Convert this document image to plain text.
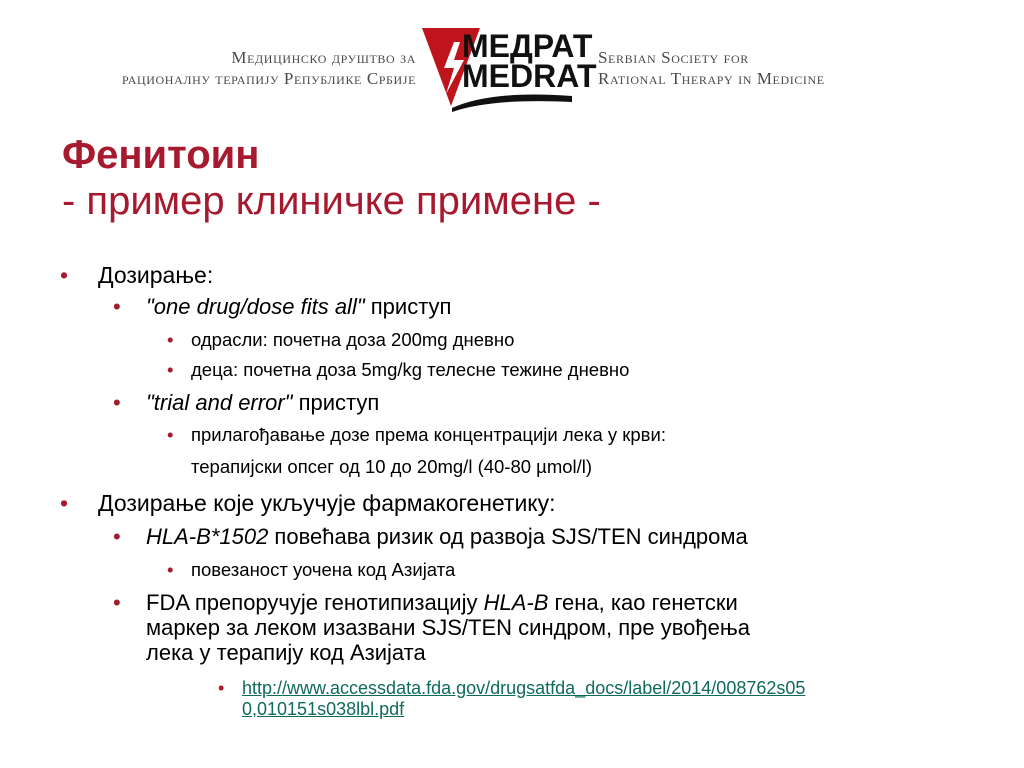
Медицинско друштво за
рационалну терапију Републике Србије
МЕДРАТ
MEDRAT
Serbian Society for
Rational Therapy in Medicine
Фенитоин
- пример клиничке примене -
• Дозирање:
• "one drug/dose fits all" приступ
• одрасли: почетна доза 200mg дневно
• деца: почетна доза 5mg/kg телесне тежине дневно
• "trial and error" приступ
• прилагођавање дозе према концентрацији лека у крви:
терапијски опсег од 10 до 20mg/l (40-80 µmol/l)
• Дозирање које укључује фармакогенетику:
• HLA-B*1502 повећава ризик од развоја SJS/TEN синдрома
• повезаност уочена код Азијата
• FDA препоручује генотипизацију HLA-B гена, као генетски
маркер за леком изазвани SJS/TEN синдром, пре увођења
лека у терапију код Азијата
• http://www.accessdata.fda.gov/drugsatfda_docs/label/2014/008762s05
0,010151s038lbl.pdf
